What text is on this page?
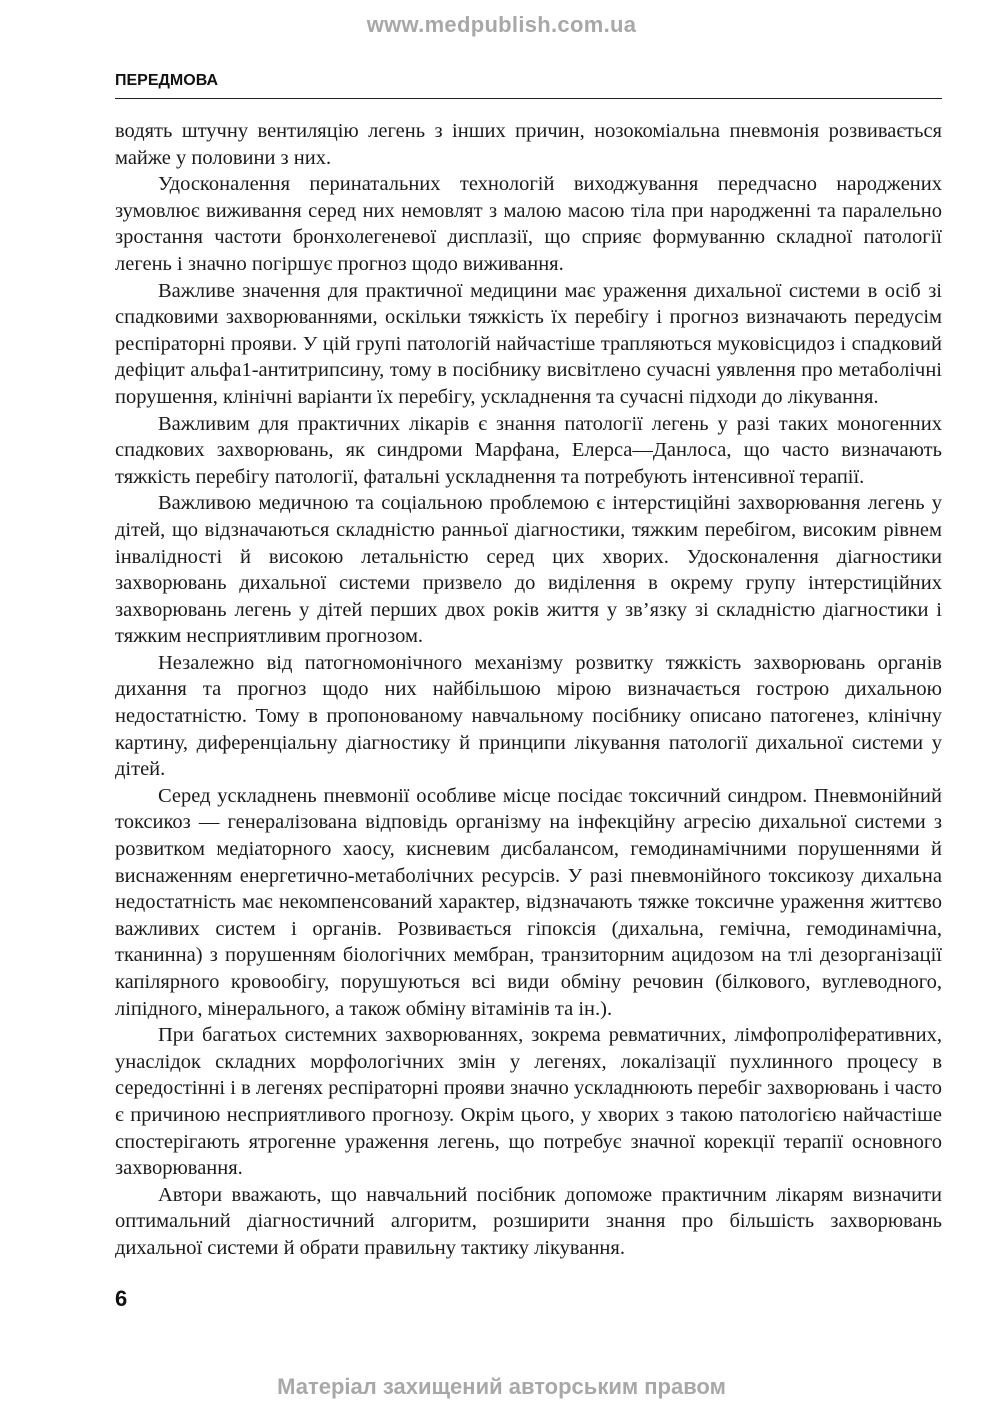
www.medpublish.com.ua
ПЕРЕДМОВА

водять штучну вентиляцію легень з інших причин, нозокоміальна пневмонія розвивається майже у половини з них.

Удосконалення перинатальних технологій виходжування передчасно народжених зумовлює виживання серед них немовлят з малою масою тіла при народженні та паралельно зростання частоти бронхолегеневої дисплазії, що сприяє формуванню складної патології легень і значно погіршує прогноз щодо виживання.

Важливе значення для практичної медицини має ураження дихальної системи в осіб зі спадковими захворюваннями, оскільки тяжкість їх перебігу і прогноз визначають передусім респіраторні прояви. У цій групі патологій найчастіше трапляються муковісцидоз і спадковий дефіцит альфа1-антитрипсину, тому в посібнику висвітлено сучасні уявлення про метаболічні порушення, клінічні варіанти їх перебігу, ускладнення та сучасні підходи до лікування.

Важливим для практичних лікарів є знання патології легень у разі таких моногенних спадкових захворювань, як синдроми Марфана, Елерса—Данлоса, що часто визначають тяжкість перебігу патології, фатальні ускладнення та потребують інтенсивної терапії.

Важливою медичною та соціальною проблемою є інтерстиційні захворювання легень у дітей, що відзначаються складністю ранньої діагностики, тяжким перебігом, високим рівнем інвалідності й високою летальністю серед цих хворих. Удосконалення діагностики захворювань дихальної системи призвело до виділення в окрему групу інтерстиційних захворювань легень у дітей перших двох років життя у зв’язку зі складністю діагностики і тяжким несприятливим прогнозом.

Незалежно від патогномонічного механізму розвитку тяжкість захворювань органів дихання та прогноз щодо них найбільшою мірою визначається гострою дихальною недостатністю. Тому в пропонованому навчальному посібнику описано патогенез, клінічну картину, диференціальну діагностику й принципи лікування патології дихальної системи у дітей.

Серед ускладнень пневмонії особливе місце посідає токсичний синдром. Пневмонійний токсикоз — генералізована відповідь організму на інфекційну агресію дихальної системи з розвитком медіаторного хаосу, кисневим дисбалансом, гемодинамічними порушеннями й виснаженням енергетично-метаболічних ресурсів. У разі пневмонійного токсикозу дихальна недостатність має некомпенсований характер, відзначають тяжке токсичне ураження життєво важливих систем і органів. Розвивається гіпоксія (дихальна, гемічна, гемодинамічна, тканинна) з порушенням біологічних мембран, транзиторним ацидозом на тлі дезорганізації капілярного кровообігу, порушуються всі види обміну речовин (білкового, вуглеводного, ліпідного, мінерального, а також обміну вітамінів та ін.).

При багатьох системних захворюваннях, зокрема ревматичних, лімфопроліферативних, унаслідок складних морфологічних змін у легенях, локалізації пухлинного процесу в середостінні і в легенях респіраторні прояви значно ускладнюють перебіг захворювань і часто є причиною несприятливого прогнозу. Окрім цього, у хворих з такою патологією найчастіше спостерігають ятрогенне ураження легень, що потребує значної корекції терапії основного захворювання.

Автори вважають, що навчальний посібник допоможе практичним лікарям визначити оптимальний діагностичний алгоритм, розширити знання про більшість захворювань дихальної системи й обрати правильну тактику лікування.

6
Матеріал захищений авторським правом
